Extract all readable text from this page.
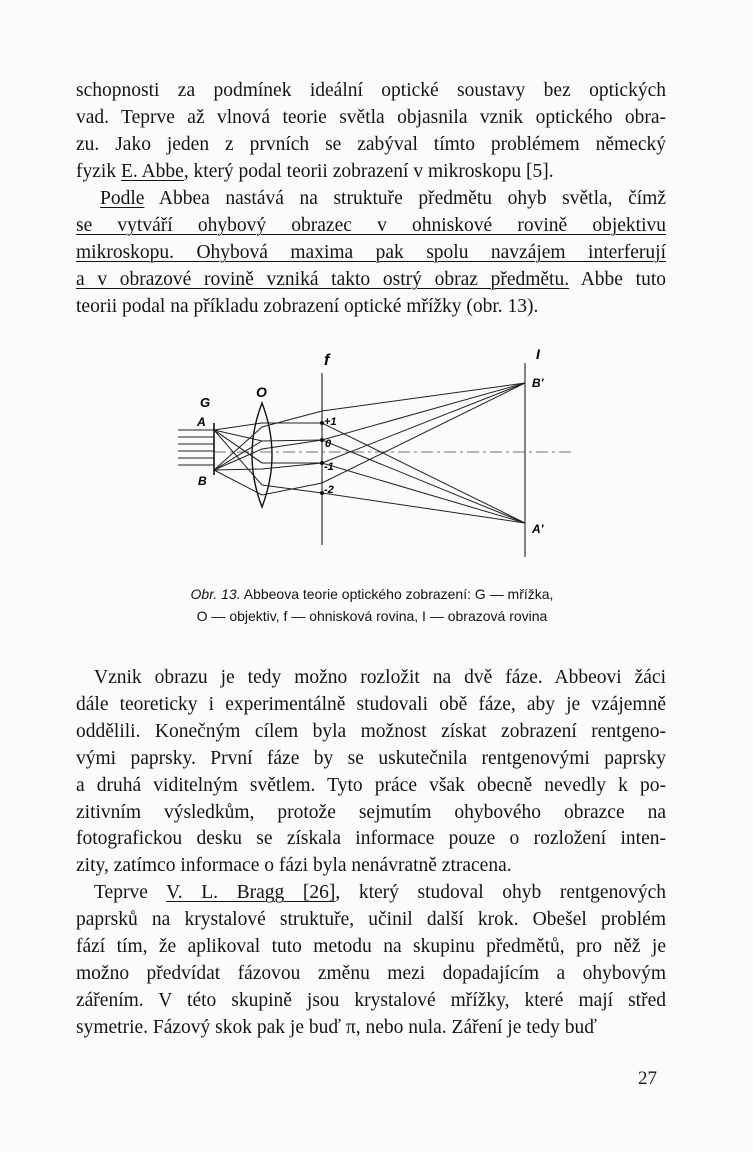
schopnosti za podmínek ideální optické soustavy bez optických
vad. Teprve až vlnová teorie světla objasnila vznik optického obra-
zu. Jako jeden z prvních se zabýval tímto problémem německý
fyzik E. Abbe, který podal teorii zobrazení v mikroskopu [5].

Podle Abbea nastává na struktuře předmětu ohyb světla, čímž
se vytváří ohybový obrazec v ohniskové rovině objektivu
mikroskopu. Ohybová maxima pak spolu navzájem interferují
a v obrazové rovině vzniká takto ostrý obraz předmětu. Abbe tuto
teorii podal na příkladu zobrazení optické mřížky (obr. 13).

G
O
f	I
A
B
B'
A'
+1
0
-1
-2
Obr. 13. Abbeova teorie optického zobrazení: G — mřížka,
O — objektiv, f — ohnisková rovina, I — obrazová rovina

Vznik obrazu je tedy možno rozložit na dvě fáze. Abbeovi žáci
dále teoreticky i experimentálně studovali obě fáze, aby je vzájemně
oddělili. Konečným cílem byla možnost získat zobrazení rentgeno-
vými paprsky. První fáze by se uskutečnila rentgenovými paprsky
a druhá viditelným světlem. Tyto práce však obecně nevedly k po-
zitivním výsledkům, protože sejmutím ohybového obrazce na
fotografickou desku se získala informace pouze o rozložení inten-
zity, zatímco informace o fázi byla nenávratně ztracena.

Teprve V. L. Bragg [26], který studoval ohyb rentgenových
paprsků na krystalové struktuře, učinil další krok. Obešel problém
fází tím, že aplikoval tuto metodu na skupinu předmětů, pro něž je
možno předvídat fázovou změnu mezi dopadajícím a ohybovým
zářením. V této skupině jsou krystalové mřížky, které mají střed
symetrie. Fázový skok pak je buď π, nebo nula. Záření je tedy buď

27
